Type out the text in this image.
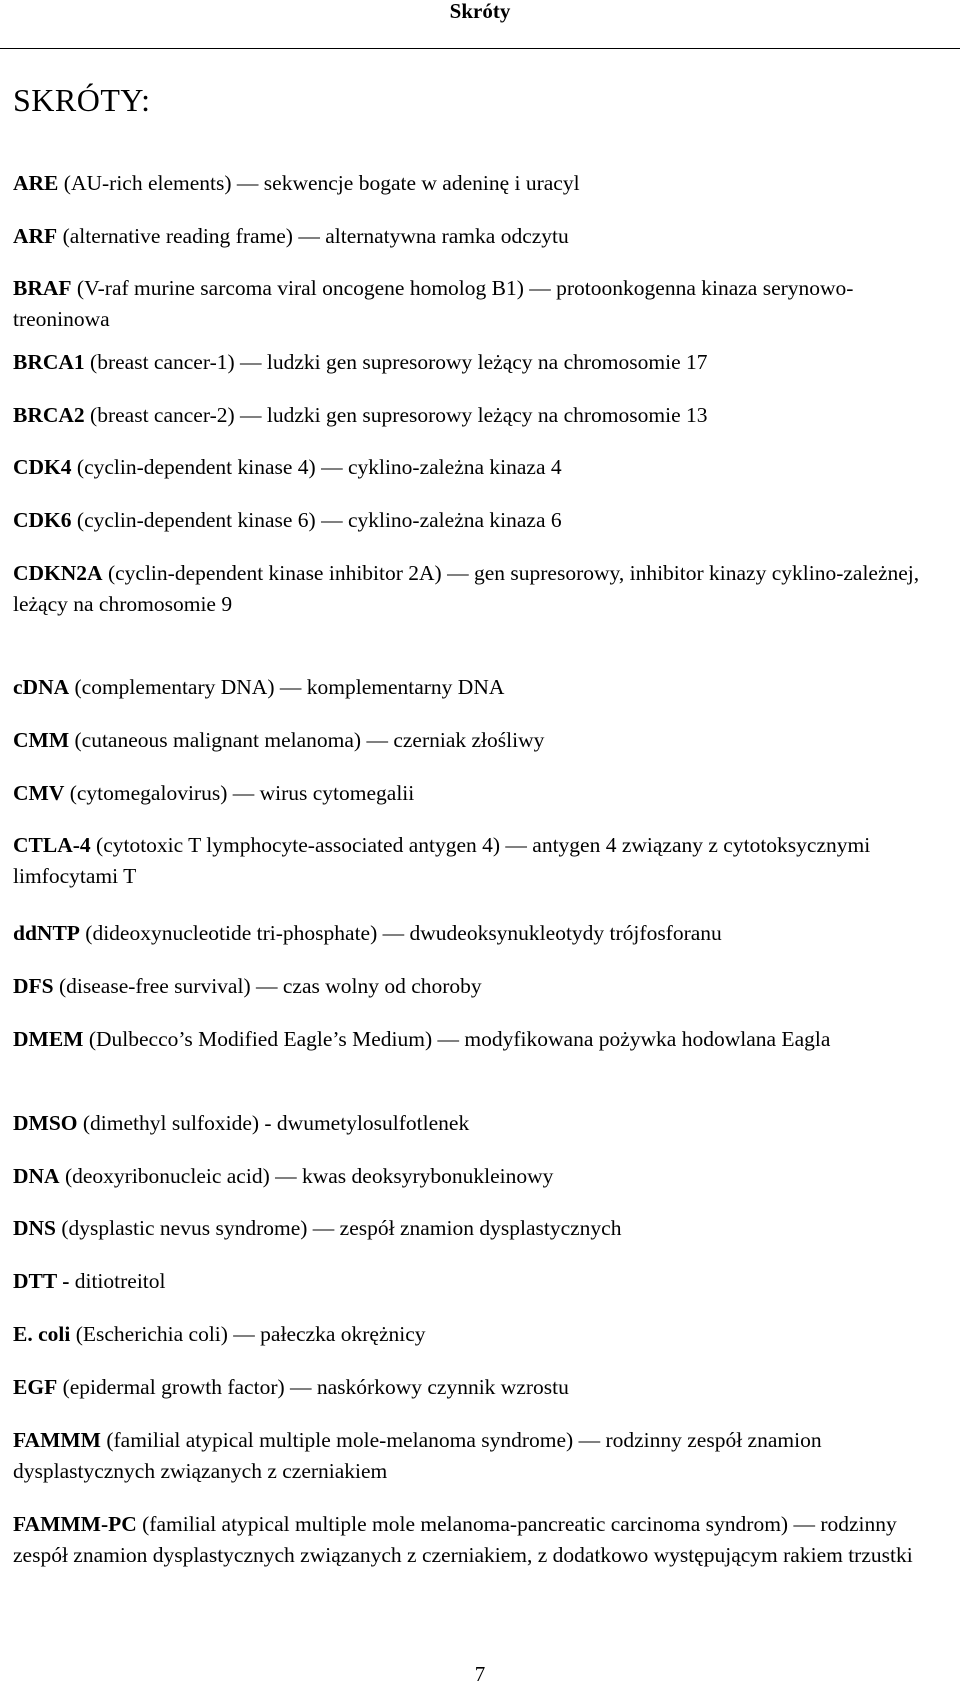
Skróty
SKRÓTY:

ARE (AU-rich elements) — sekwencje bogate w adeninę i uracyl

ARF (alternative reading frame) — alternatywna ramka odczytu

BRAF (V-raf murine sarcoma viral oncogene homolog B1) — protoonkogenna kinaza serynowo-treoninowa

BRCA1 (breast cancer-1) — ludzki gen supresorowy leżący na chromosomie 17

BRCA2 (breast cancer-2) — ludzki gen supresorowy leżący na chromosomie 13

CDK4 (cyclin-dependent kinase 4) — cyklino-zależna kinaza 4

CDK6 (cyclin-dependent kinase 6) — cyklino-zależna kinaza 6

CDKN2A (cyclin-dependent kinase inhibitor 2A) — gen supresorowy, inhibitor kinazy cyklino-zależnej, leżący na chromosomie 9

cDNA (complementary DNA) — komplementarny DNA

CMM (cutaneous malignant melanoma) — czerniak złośliwy

CMV (cytomegalovirus) — wirus cytomegalii

CTLA-4 (cytotoxic T lymphocyte-associated antygen 4) — antygen 4 związany z cytotoksycznymi limfocytami T

ddNTP (dideoxynucleotide tri-phosphate) — dwudeoksynukleotydy trójfosforanu

DFS (disease-free survival) — czas wolny od choroby

DMEM (Dulbecco’s Modified Eagle’s Medium) — modyfikowana pożywka hodowlana Eagla

DMSO (dimethyl sulfoxide) - dwumetylosulfotlenek

DNA (deoxyribonucleic acid) — kwas deoksyrybonukleinowy

DNS (dysplastic nevus syndrome) — zespół znamion dysplastycznych

DTT - ditiotreitol

E. coli (Escherichia coli) — pałeczka okrężnicy

EGF (epidermal growth factor) — naskórkowy czynnik wzrostu

FAMMM (familial atypical multiple mole-melanoma syndrome) — rodzinny zespół znamion dysplastycznych związanych z czerniakiem

FAMMM-PC (familial atypical multiple mole melanoma-pancreatic carcinoma syndrom) — rodzinny zespół znamion dysplastycznych związanych z czerniakiem, z dodatkowo występującym rakiem trzustki

7
